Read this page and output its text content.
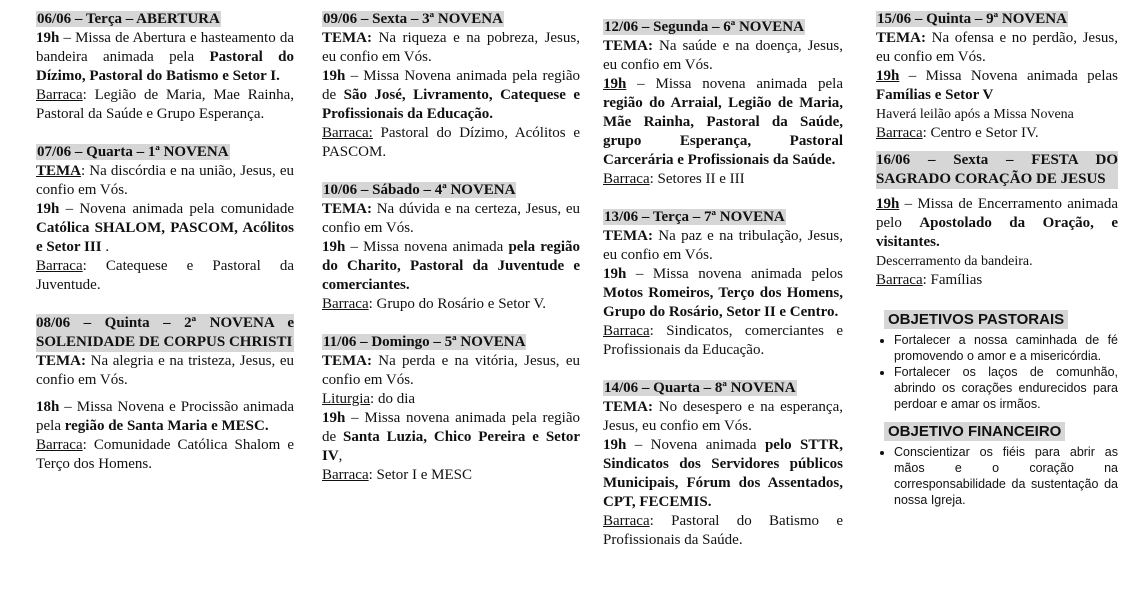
06/06 – Terça – ABERTURA

19h – Missa de Abertura e hasteamento da bandeira animada pela Pastoral do Dízimo, Pastoral do Batismo e Setor I.

Barraca: Legião de Maria, Mae Rainha, Pastoral da Saúde e Grupo Esperança.

07/06 – Quarta – 1ª NOVENA

TEMA: Na discórdia e na união, Jesus, eu confio em Vós.

19h – Novena animada pela comunidade Católica SHALOM, PASCOM, Acólitos e Setor III .

Barraca: Catequese e Pastoral da Juventude.

08/06 – Quinta – 2ª NOVENA e SOLENIDADE DE CORPUS CHRISTI

TEMA: Na alegria e na tristeza, Jesus, eu confio em Vós.

18h – Missa Novena e Procissão animada pela região de Santa Maria e MESC.

Barraca: Comunidade Católica Shalom e Terço dos Homens.

09/06 – Sexta – 3ª NOVENA

TEMA: Na riqueza e na pobreza, Jesus, eu confio em Vós.

19h – Missa Novena animada pela região de São José, Livramento, Catequese e Profissionais da Educação.

Barraca: Pastoral do Dízimo, Acólitos e PASCOM.

10/06 – Sábado – 4ª NOVENA

TEMA: Na dúvida e na certeza, Jesus, eu confio em Vós.

19h – Missa novena animada pela região do Charito, Pastoral da Juventude e comerciantes.

Barraca: Grupo do Rosário e Setor V.

11/06 – Domingo – 5ª NOVENA

TEMA: Na perda e na vitória, Jesus, eu confio em Vós.

Liturgia: do dia

19h – Missa novena animada pela região de Santa Luzia, Chico Pereira e Setor IV,

Barraca: Setor I e MESC

12/06 – Segunda – 6ª NOVENA

TEMA: Na saúde e na doença, Jesus, eu confio em Vós.

19h – Missa novena animada pela região do Arraial, Legião de Maria, Mãe Rainha, Pastoral da Saúde, grupo Esperança, Pastoral Carcerária e Profissionais da Saúde.

Barraca: Setores II e III

13/06 – Terça – 7ª NOVENA

TEMA: Na paz e na tribulação, Jesus, eu confio em Vós.

19h – Missa novena animada pelos Motos Romeiros, Terço dos Homens, Grupo do Rosário, Setor II e Centro.

Barraca: Sindicatos, comerciantes e Profissionais da Educação.

14/06 – Quarta – 8ª NOVENA

TEMA: No desespero e na esperança, Jesus, eu confio em Vós.

19h – Novena animada pelo STTR, Sindicatos dos Servidores públicos Municipais, Fórum dos Assentados, CPT, FECEMIS.

Barraca: Pastoral do Batismo e Profissionais da Saúde.

15/06 – Quinta – 9ª NOVENA

TEMA: Na ofensa e no perdão, Jesus, eu confio em Vós.

19h – Missa Novena animada pelas Famílias e Setor V

Haverá leilão após a Missa Novena

Barraca: Centro e Setor IV.

16/06 – Sexta – FESTA DO SAGRADO CORAÇÃO DE JESUS

19h – Missa de Encerramento animada pelo Apostolado da Oração, e visitantes.

Descerramento da bandeira.

Barraca: Famílias

OBJETIVOS PASTORAIS
• Fortalecer a nossa caminhada de fé promovendo o amor e a misericórdia.
• Fortalecer os laços de comunhão, abrindo os corações endurecidos para perdoar e amar os irmãos.
OBJETIVO FINANCEIRO
• Conscientizar os fiéis para abrir as mãos e o coração na corresponsabilidade da sustentação da nossa Igreja.
